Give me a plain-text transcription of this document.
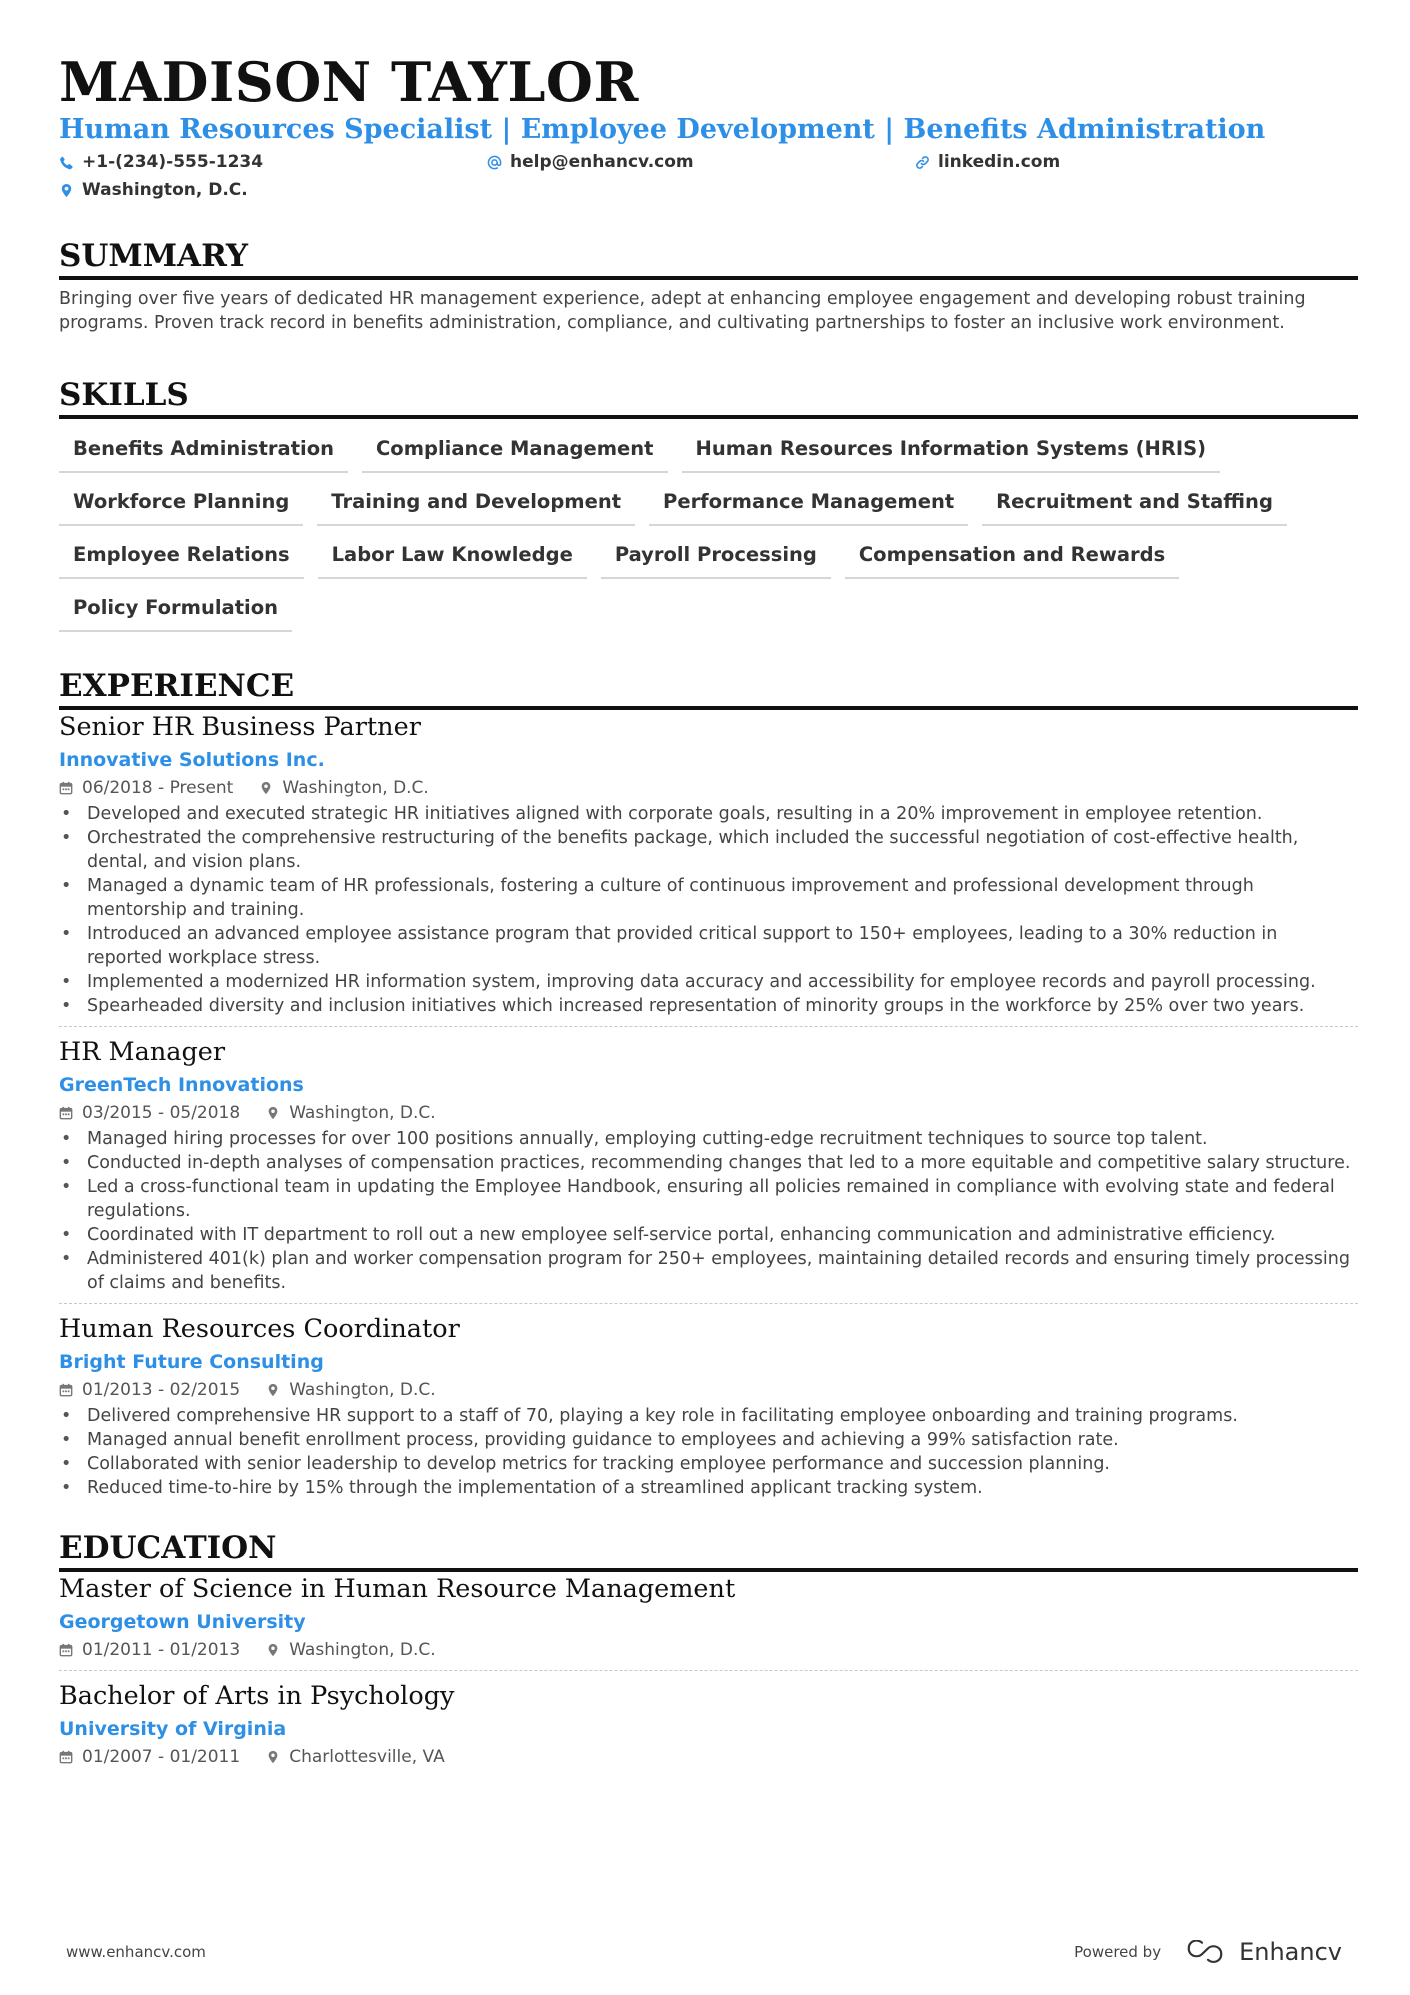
MADISON TAYLOR
Human Resources Specialist | Employee Development | Benefits Administration
+1-(234)-555-1234	help@enhancv.com	linkedin.com
Washington, D.C.
SUMMARY

Bringing over five years of dedicated HR management experience, adept at enhancing employee engagement and developing robust training programs. Proven track record in benefits administration, compliance, and cultivating partnerships to foster an inclusive work environment.

SKILLS
Benefits Administration	Compliance Management	Human Resources Information Systems (HRIS)
Workforce Planning	Training and Development	Performance Management	Recruitment and Staffing
Employee Relations	Labor Law Knowledge	Payroll Processing	Compensation and Rewards
Policy Formulation
EXPERIENCE
Senior HR Business Partner
Innovative Solutions Inc.
06/2018 - Present	Washington, D.C.
• Developed and executed strategic HR initiatives aligned with corporate goals, resulting in a 20% improvement in employee retention.
• Orchestrated the comprehensive restructuring of the benefits package, which included the successful negotiation of cost-effective health, dental, and vision plans.
• Managed a dynamic team of HR professionals, fostering a culture of continuous improvement and professional development through mentorship and training.
• Introduced an advanced employee assistance program that provided critical support to 150+ employees, leading to a 30% reduction in reported workplace stress.
• Implemented a modernized HR information system, improving data accuracy and accessibility for employee records and payroll processing.
• Spearheaded diversity and inclusion initiatives which increased representation of minority groups in the workforce by 25% over two years.
HR Manager
GreenTech Innovations
03/2015 - 05/2018	Washington, D.C.
• Managed hiring processes for over 100 positions annually, employing cutting-edge recruitment techniques to source top talent.
• Conducted in-depth analyses of compensation practices, recommending changes that led to a more equitable and competitive salary structure.
• Led a cross-functional team in updating the Employee Handbook, ensuring all policies remained in compliance with evolving state and federal regulations.
• Coordinated with IT department to roll out a new employee self-service portal, enhancing communication and administrative efficiency.
• Administered 401(k) plan and worker compensation program for 250+ employees, maintaining detailed records and ensuring timely processing of claims and benefits.
Human Resources Coordinator
Bright Future Consulting
01/2013 - 02/2015	Washington, D.C.
• Delivered comprehensive HR support to a staff of 70, playing a key role in facilitating employee onboarding and training programs.
• Managed annual benefit enrollment process, providing guidance to employees and achieving a 99% satisfaction rate.
• Collaborated with senior leadership to develop metrics for tracking employee performance and succession planning.
• Reduced time-to-hire by 15% through the implementation of a streamlined applicant tracking system.
EDUCATION
Master of Science in Human Resource Management
Georgetown University
01/2011 - 01/2013	Washington, D.C.
Bachelor of Arts in Psychology
University of Virginia
01/2007 - 01/2011	Charlottesville, VA
www.enhancv.com	Powered by	Enhancv
